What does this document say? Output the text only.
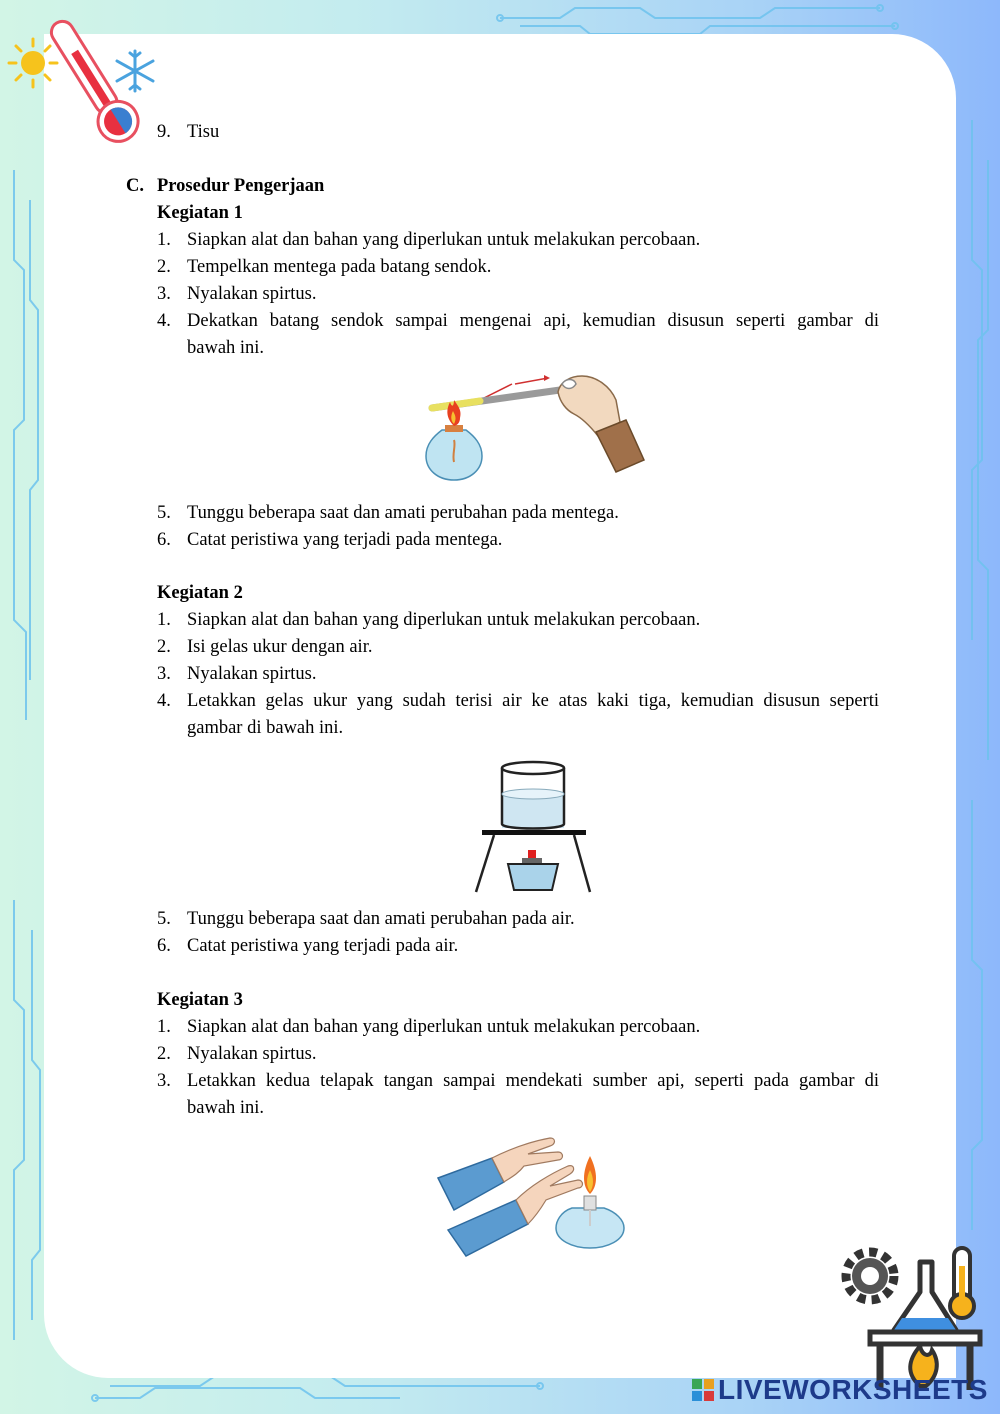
9. Tisu
C. Prosedur Pengerjaan
Kegiatan 1
1. Siapkan alat dan bahan yang diperlukan untuk melakukan percobaan.
2. Tempelkan mentega pada batang sendok.
3. Nyalakan spirtus.
4. Dekatkan batang sendok sampai mengenai api, kemudian disusun seperti gambar di
bawah ini.
5. Tunggu beberapa saat dan amati perubahan pada mentega.
6. Catat peristiwa yang terjadi pada mentega.
Kegiatan 2
1. Siapkan alat dan bahan yang diperlukan untuk melakukan percobaan.
2. Isi gelas ukur dengan air.
3. Nyalakan spirtus.
4. Letakkan gelas ukur yang sudah terisi air ke atas kaki tiga, kemudian disusun seperti
gambar di bawah ini.
5. Tunggu beberapa saat dan amati perubahan pada air.
6. Catat peristiwa yang terjadi pada air.
Kegiatan 3
1. Siapkan alat dan bahan yang diperlukan untuk melakukan percobaan.
2. Nyalakan spirtus.
3. Letakkan kedua telapak tangan sampai mendekati sumber api, seperti pada gambar di
bawah ini.
LIVEWORKSHEETS
